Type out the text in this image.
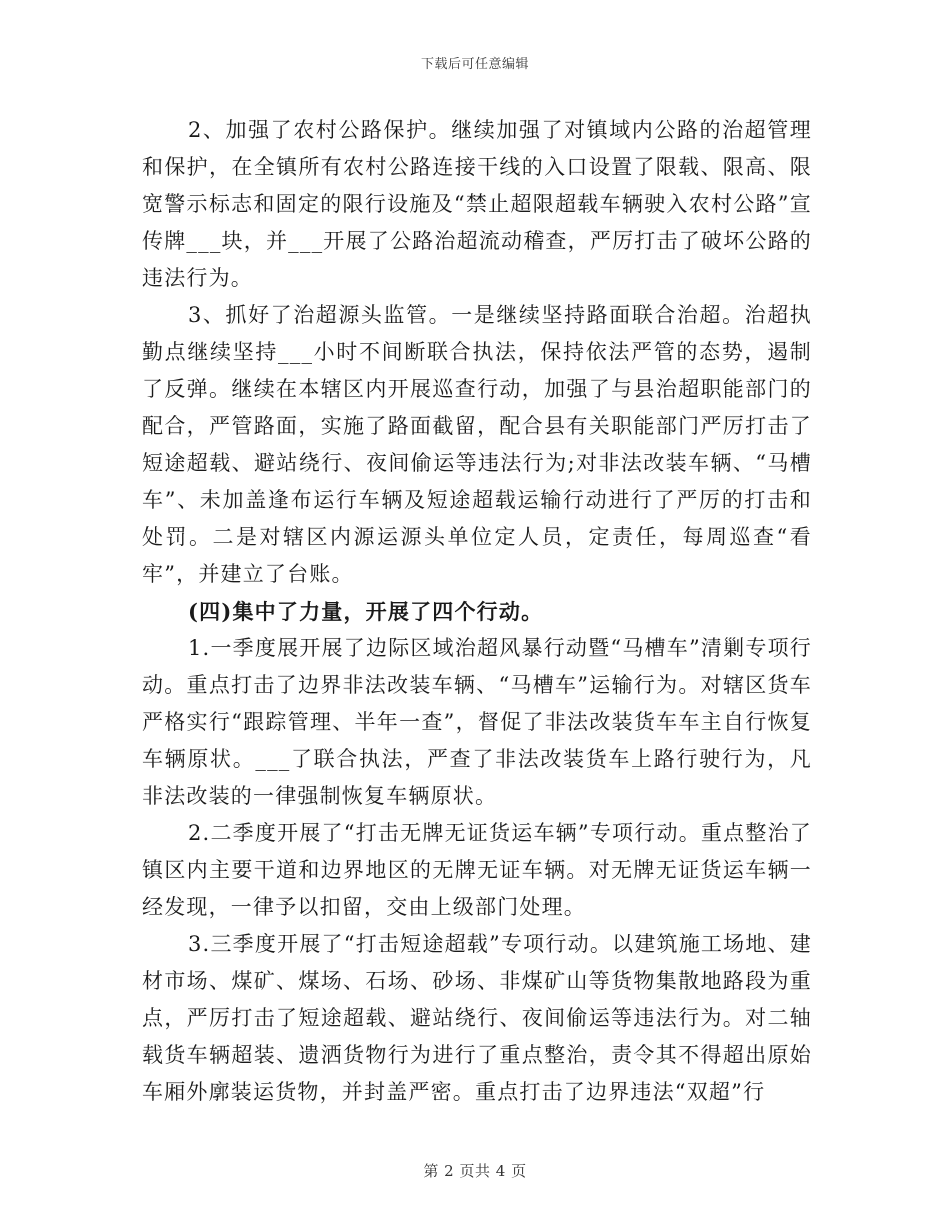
下载后可任意编辑

2、加强了农村公路保护。继续加强了对镇域内公路的治超管理和保护，在全镇所有农村公路连接干线的入口设置了限载、限高、限宽警示标志和固定的限行设施及“禁止超限超载车辆驶入农村公路”宣传牌___块，并___开展了公路治超流动稽查，严厉打击了破坏公路的违法行为。

3、抓好了治超源头监管。一是继续坚持路面联合治超。治超执勤点继续坚持___小时不间断联合执法，保持依法严管的态势，遏制了反弹。继续在本辖区内开展巡查行动，加强了与县治超职能部门的配合，严管路面，实施了路面截留，配合县有关职能部门严厉打击了短途超载、避站绕行、夜间偷运等违法行为;对非法改装车辆、“马槽车”、未加盖逢布运行车辆及短途超载运输行动进行了严厉的打击和处罚。二是对辖区内源运源头单位定人员，定责任，每周巡查“看牢”，并建立了台账。

(四)集中了力量，开展了四个行动。

1.一季度展开展了边际区域治超风暴行动暨“马槽车”清剿专项行动。重点打击了边界非法改装车辆、“马槽车”运输行为。对辖区货车严格实行“跟踪管理、半年一查”，督促了非法改装货车车主自行恢复车辆原状。___了联合执法，严查了非法改装货车上路行驶行为，凡非法改装的一律强制恢复车辆原状。

2.二季度开展了“打击无牌无证货运车辆”专项行动。重点整治了镇区内主要干道和边界地区的无牌无证车辆。对无牌无证货运车辆一经发现，一律予以扣留，交由上级部门处理。

3.三季度开展了“打击短途超载”专项行动。以建筑施工场地、建材市场、煤矿、煤场、石场、砂场、非煤矿山等货物集散地路段为重点，严厉打击了短途超载、避站绕行、夜间偷运等违法行为。对二轴载货车辆超装、遗洒货物行为进行了重点整治，责令其不得超出原始车厢外廓装运货物，并封盖严密。重点打击了边界违法“双超”行

第 2 页共 4 页
